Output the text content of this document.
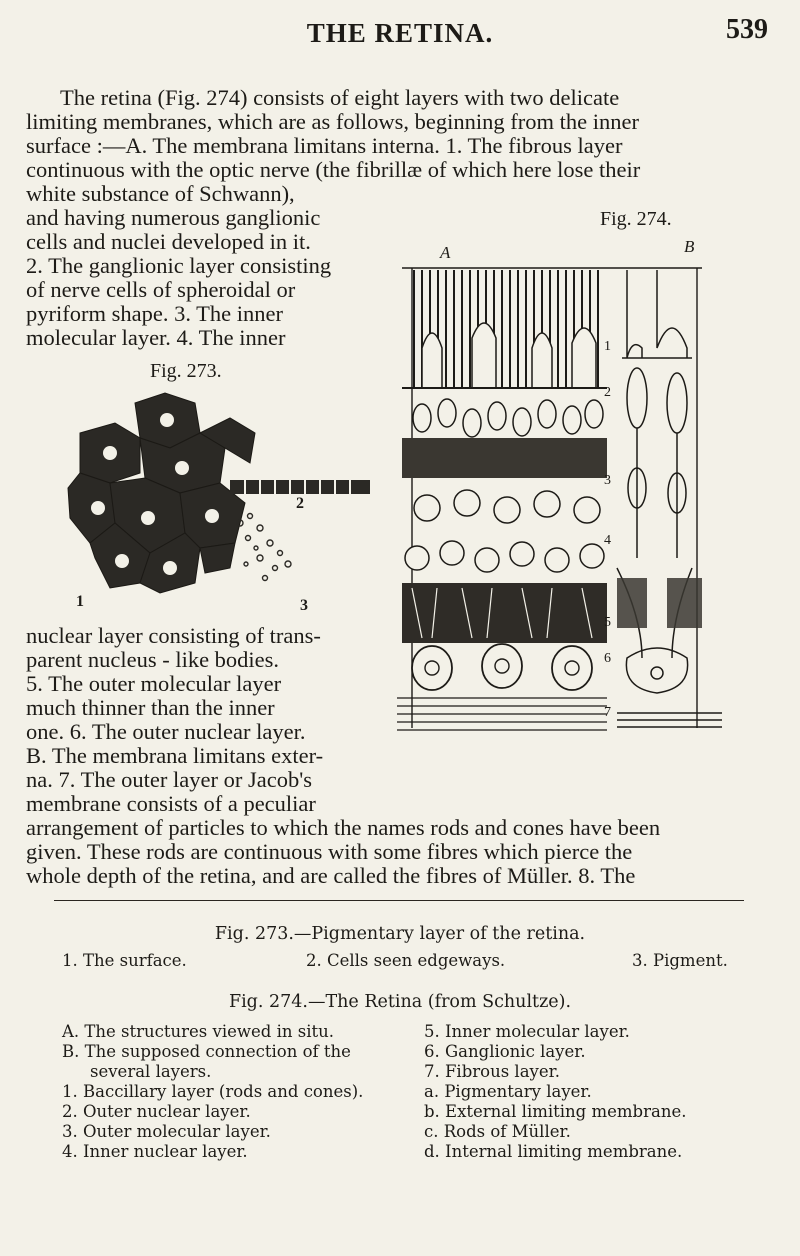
THE RETINA.	539
The retina (Fig. 274) consists of eight layers with two delicate
limiting membranes, which are as follows, beginning from the inner
surface :—A. The membrana limitans interna. 1. The fibrous layer
continuous with the optic nerve (the fibrillæ of which here lose their
white substance of Schwann),
and having numerous ganglionic
cells and nuclei developed in it.
2. The ganglionic layer consisting
of nerve cells of spheroidal or
pyriform shape. 3. The inner
molecular layer. 4. The inner
Fig. 273.
1
2
3
nuclear layer consisting of trans-
parent nucleus - like bodies.
5. The outer molecular layer
much thinner than the inner
one. 6. The outer nuclear layer.
B. The membrana limitans exter-
na. 7. The outer layer or Jacob's
membrane consists of a peculiar
Fig. 274.
A	B
1
2
3
4
5
6
7
arrangement of particles to which the names rods and cones have been
given. These rods are continuous with some fibres which pierce the
whole depth of the retina, and are called the fibres of Müller. 8. The
Fig. 273.—Pigmentary layer of the retina.
1. The surface.	2. Cells seen edgeways.	3. Pigment.
Fig. 274.—The Retina (from Schultze).
A. The structures viewed in situ.
B. The supposed connection of the
several layers.
1. Baccillary layer (rods and cones).
2. Outer nuclear layer.
3. Outer molecular layer.
4. Inner nuclear layer.
5. Inner molecular layer.
6. Ganglionic layer.
7. Fibrous layer.
a. Pigmentary layer.
b. External limiting membrane.
c. Rods of Müller.
d. Internal limiting membrane.
